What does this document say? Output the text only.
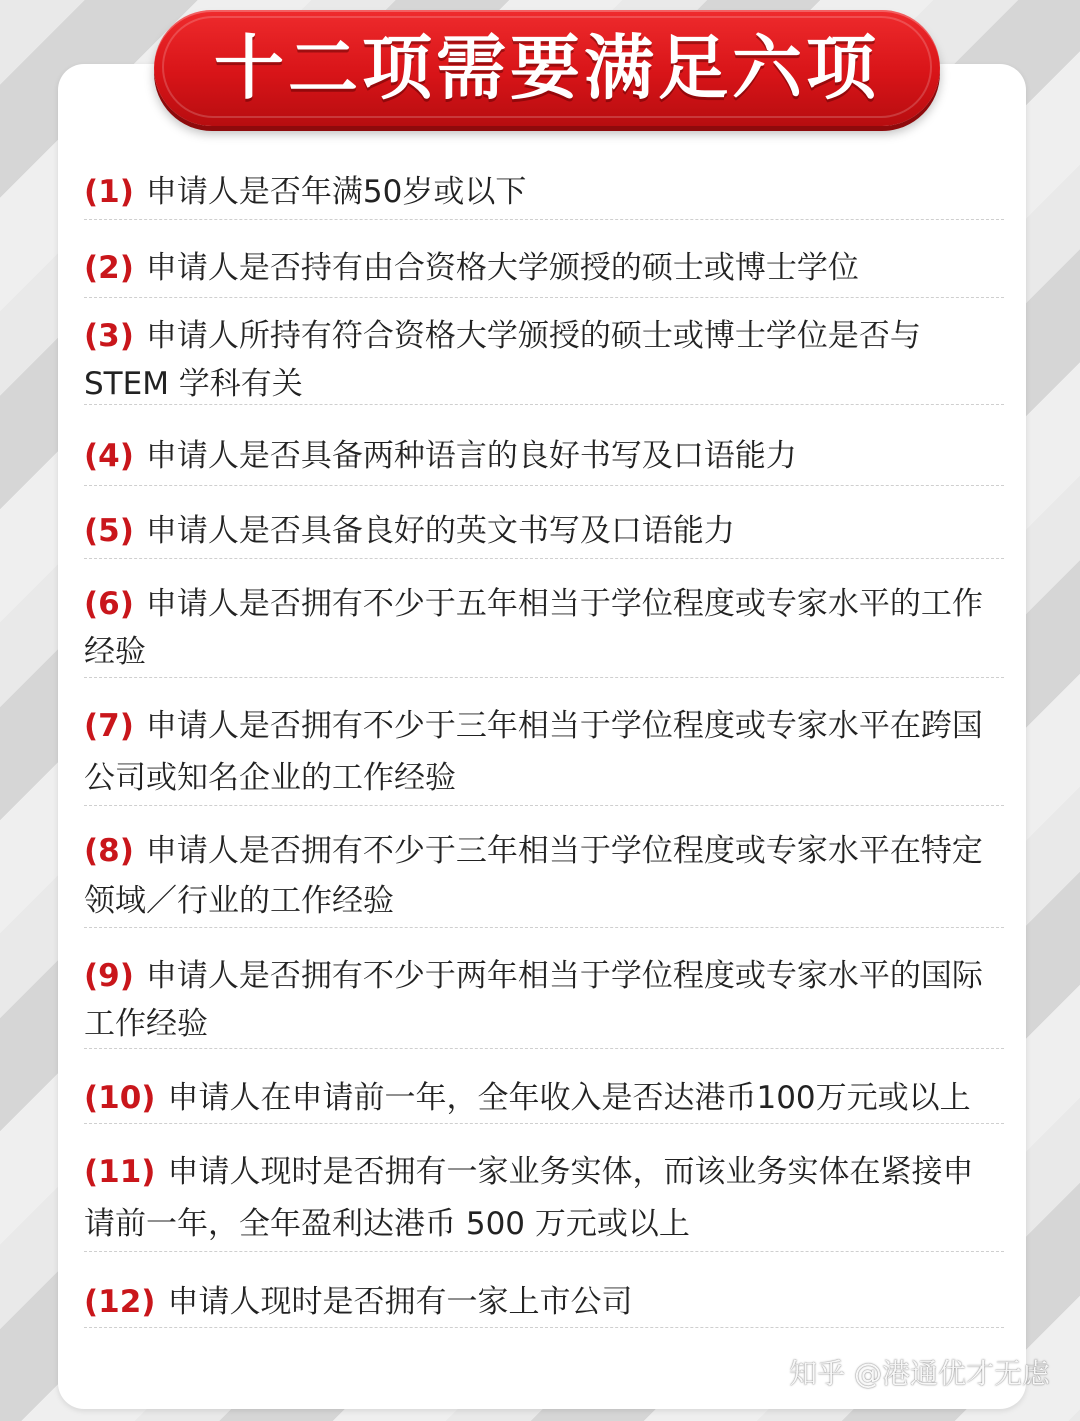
十二项需要满足六项
(1) 申请人是否年满50岁或以下
(2) 申请人是否持有由合资格大学颁授的硕士或博士学位
(3) 申请人所持有符合资格大学颁授的硕士或博士学位是否与STEM 学科有关
(4) 申请人是否具备两种语言的良好书写及口语能力
(5) 申请人是否具备良好的英文书写及口语能力
(6) 申请人是否拥有不少于五年相当于学位程度或专家水平的工作经验
(7) 申请人是否拥有不少于三年相当于学位程度或专家水平在跨国公司或知名企业的工作经验
(8) 申请人是否拥有不少于三年相当于学位程度或专家水平在特定领域／行业的工作经验
(9) 申请人是否拥有不少于两年相当于学位程度或专家水平的国际工作经验
(10) 申请人在申请前一年，全年收入是否达港币100万元或以上
(11) 申请人现时是否拥有一家业务实体，而该业务实体在紧接申请前一年，全年盈利达港币 500 万元或以上
(12) 申请人现时是否拥有一家上市公司
知乎 @港通优才无虑
